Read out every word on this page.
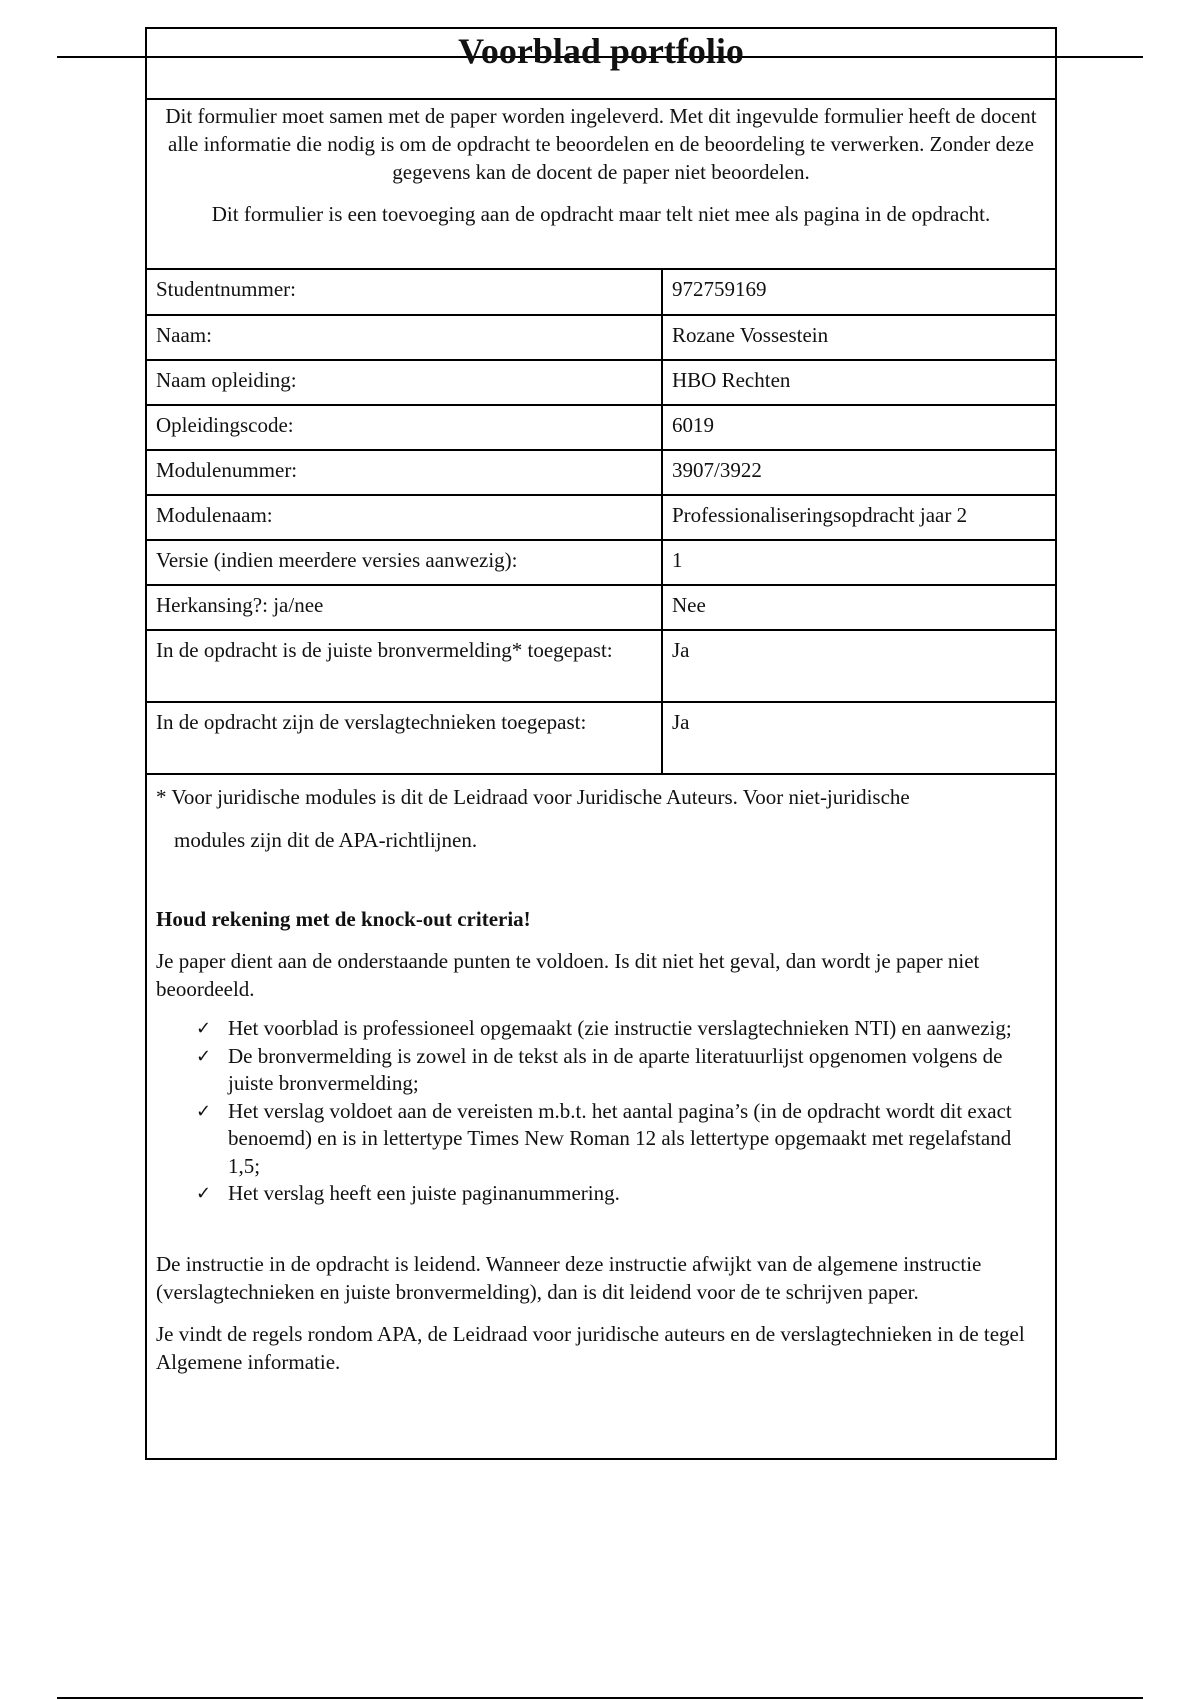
Voorblad portfolio

Dit formulier moet samen met de paper worden ingeleverd. Met dit ingevulde formulier heeft de docent alle informatie die nodig is om de opdracht te beoordelen en de beoordeling te verwerken. Zonder deze gegevens kan de docent de paper niet beoordelen.

Dit formulier is een toevoeging aan de opdracht maar telt niet mee als pagina in de opdracht.

Studentnummer:	972759169
Naam:	Rozane Vossestein
Naam opleiding:	HBO Rechten
Opleidingscode:	6019
Modulenummer:	3907/3922
Modulenaam:	Professionaliseringsopdracht jaar 2
Versie (indien meerdere versies aanwezig):	1
Herkansing?: ja/nee	Nee
In de opdracht is de juiste bronvermelding* toegepast:	Ja
In de opdracht zijn de verslagtechnieken toegepast:	Ja

* Voor juridische modules is dit de Leidraad voor Juridische Auteurs. Voor niet-juridische
modules zijn dit de APA-richtlijnen.

Houd rekening met de knock-out criteria!

Je paper dient aan de onderstaande punten te voldoen. Is dit niet het geval, dan wordt je paper niet beoordeeld.

✓ Het voorblad is professioneel opgemaakt (zie instructie verslagtechnieken NTI) en aanwezig;
✓ De bronvermelding is zowel in de tekst als in de aparte literatuurlijst opgenomen volgens de juiste bronvermelding;
✓ Het verslag voldoet aan de vereisten m.b.t. het aantal pagina’s (in de opdracht wordt dit exact benoemd) en is in lettertype Times New Roman 12 als lettertype opgemaakt met regelafstand 1,5;
✓ Het verslag heeft een juiste paginanummering.

De instructie in de opdracht is leidend. Wanneer deze instructie afwijkt van de algemene instructie (verslagtechnieken en juiste bronvermelding), dan is dit leidend voor de te schrijven paper.

Je vindt de regels rondom APA, de Leidraad voor juridische auteurs en de verslagtechnieken in de tegel Algemene informatie.
